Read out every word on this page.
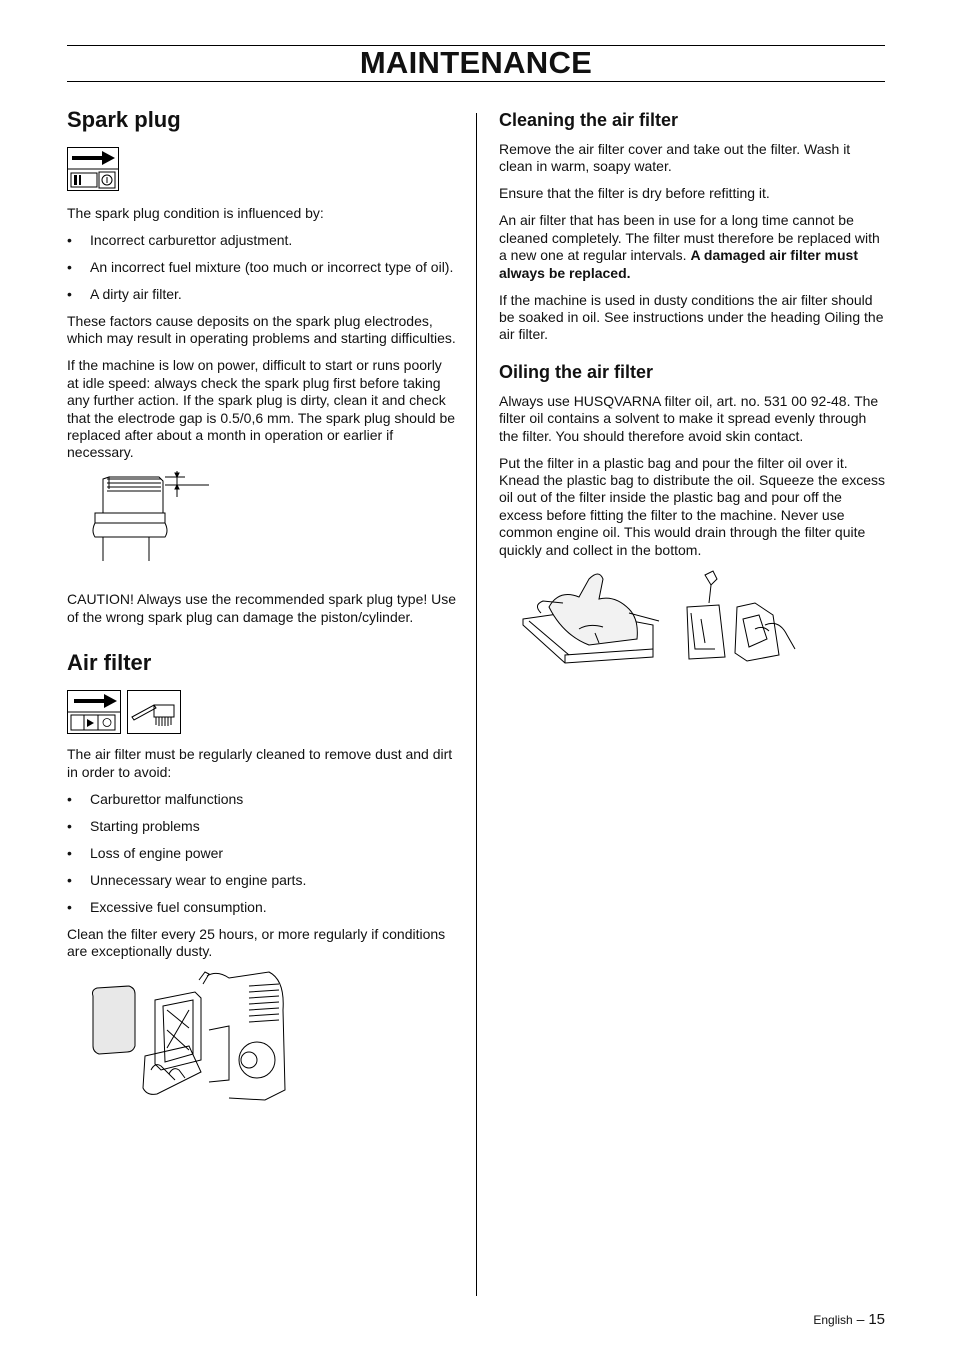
MAINTENANCE
Spark plug

The spark plug condition is influenced by:

• Incorrect carburettor adjustment.
• An incorrect fuel mixture (too much or incorrect type of oil).
• A dirty air filter.

These factors cause deposits on the spark plug electrodes, which may result in operating problems and starting difficulties.

If the machine is low on power, difficult to start or runs poorly at idle speed: always check the spark plug first before taking any further action. If the spark plug is dirty, clean it and check that the electrode gap is 0.5/0,6 mm. The spark plug should be replaced after about a month in operation or earlier if necessary.

CAUTION! Always use the recommended spark plug type! Use of the wrong spark plug can damage the piston/cylinder.

Air filter

The air filter must be regularly cleaned to remove dust and dirt in order to avoid:

• Carburettor malfunctions
• Starting problems
• Loss of engine power
• Unnecessary wear to engine parts.
• Excessive fuel consumption.

Clean the filter every 25 hours, or more regularly if conditions are exceptionally dusty.

Cleaning the air filter

Remove the air filter cover and take out the filter. Wash it clean in warm, soapy water.

Ensure that the filter is dry before refitting it.

An air filter that has been in use for a long time cannot be cleaned completely. The filter must therefore be replaced with a new one at regular intervals. A damaged air filter must always be replaced.

If the machine is used in dusty conditions the air filter should be soaked in oil. See instructions under the heading Oiling the air filter.

Oiling the air filter

Always use HUSQVARNA filter oil, art. no. 531 00 92-48. The filter oil contains a solvent to make it spread evenly through the filter. You should therefore avoid skin contact.

Put the filter in a plastic bag and pour the filter oil over it. Knead the plastic bag to distribute the oil. Squeeze the excess oil out of the filter inside the plastic bag and pour off the excess before fitting the filter to the machine. Never use common engine oil. This would drain through the filter quite quickly and collect in the bottom.

English – 15
